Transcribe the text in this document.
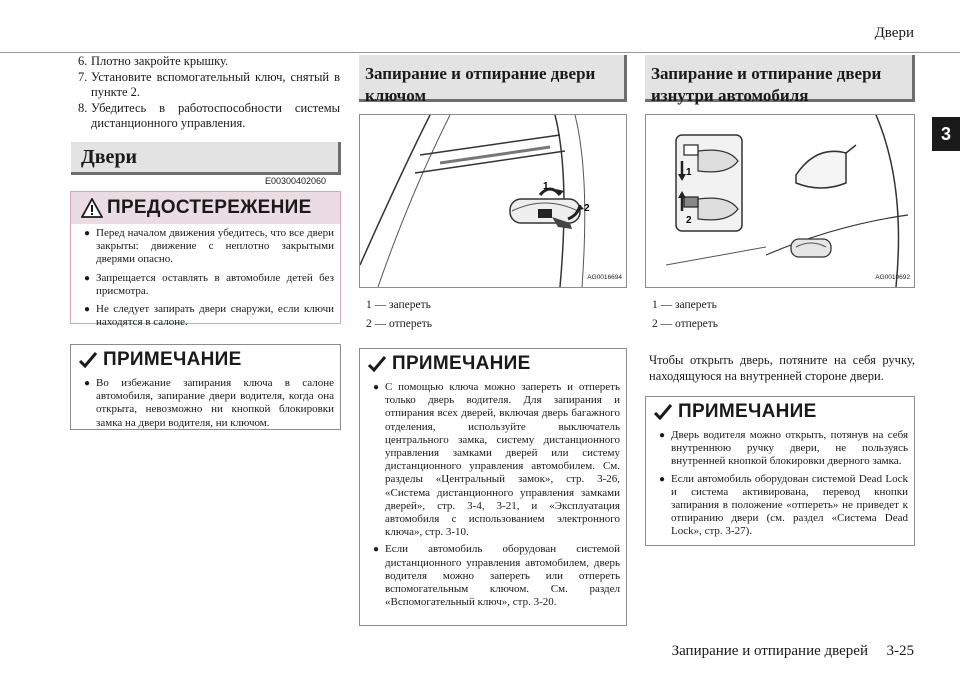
Двери
3
6. Плотно закройте крышку.
7. Установите вспомогательный ключ, снятый в пункте 2.
8. Убедитесь в работоспособности системы дистанционного управления.
Двери
E00300402060
ПРЕДОСТЕРЕЖЕНИЕ
● Перед началом движения убедитесь, что все двери закрыты: движение с неплотно закрытыми дверями опасно.
● Запрещается оставлять в автомобиле детей без присмотра.
● Не следует запирать двери снаружи, если ключи находятся в салоне.
ПРИМЕЧАНИЕ
● Во избежание запирания ключа в салоне автомобиля, запирание двери водителя, когда она открыта, невозможно ни кнопкой блокировки замка на двери водителя, ни ключом.
Запирание и отпирание двери ключом
1
2
AG0016694
1 — запереть
2 — отпереть
ПРИМЕЧАНИЕ
● С помощью ключа можно запереть и отпереть только дверь водителя. Для запирания и отпирания всех дверей, включая дверь багажного отделения, используйте выключатель центрального замка, систему дистанционного управления замками дверей или систему дистанционного управления автомобилем. См. разделы «Центральный замок», стр. 3-26, «Система дистанционного управления замками дверей», стр. 3-4, 3-21, и «Эксплуатация автомобиля с использованием электронного ключа», стр. 3-10.
● Если автомобиль оборудован системой дистанционного управления автомобилем, дверь водителя можно запереть или отпереть вспомогательным ключом. См. раздел «Вспомогательный ключ», стр. 3-20.
Запирание и отпирание двери изнутри автомобиля
1
2
AG0010692
1 — запереть
2 — отпереть
Чтобы открыть дверь, потяните на себя ручку, находящуюся на внутренней стороне двери.
ПРИМЕЧАНИЕ
● Дверь водителя можно открыть, потянув на себя внутреннюю ручку двери, не пользуясь внутренней кнопкой блокировки дверного замка.
● Если автомобиль оборудован системой Dead Lock и система активирована, перевод кнопки запирания в положение «отпереть» не приведет к отпиранию двери (см. раздел «Система Dead Lock», стр. 3-27).
Запирание и отпирание дверей 3-25
